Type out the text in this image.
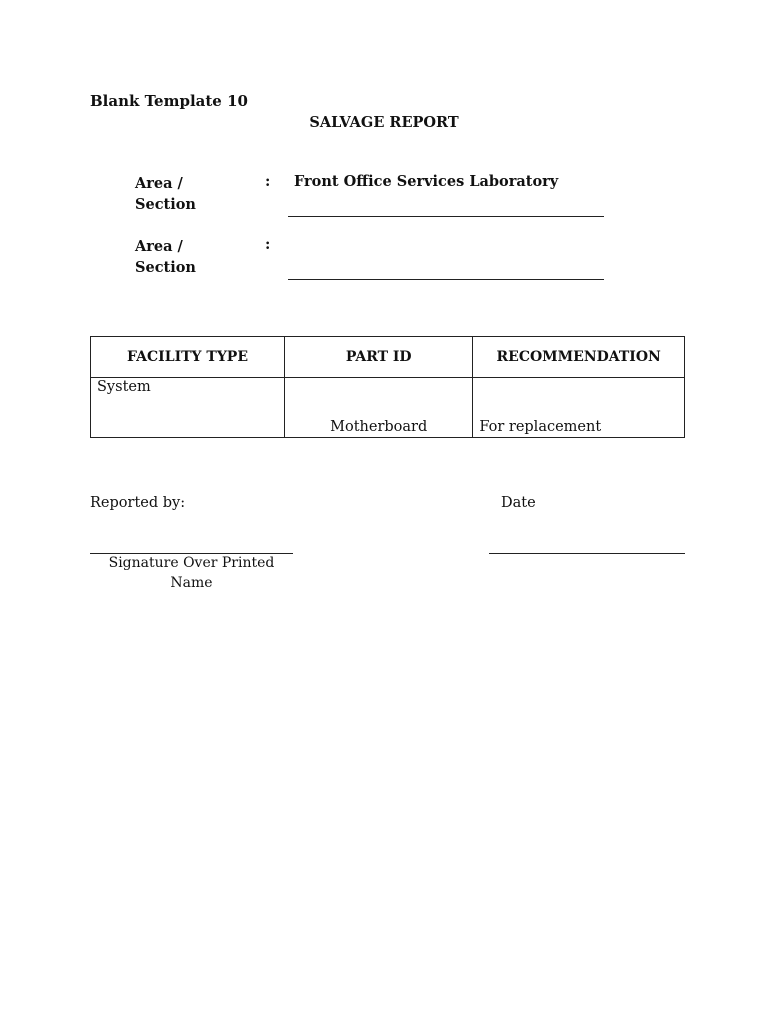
Blank Template 10
SALVAGE REPORT
Area /
Section
: Front Office Services Laboratory
Area /
Section
:
FACILITY TYPE	PART ID	RECOMMENDATION

System	Motherboard	For replacement
Reported by:	Date
Signature Over Printed
Name
